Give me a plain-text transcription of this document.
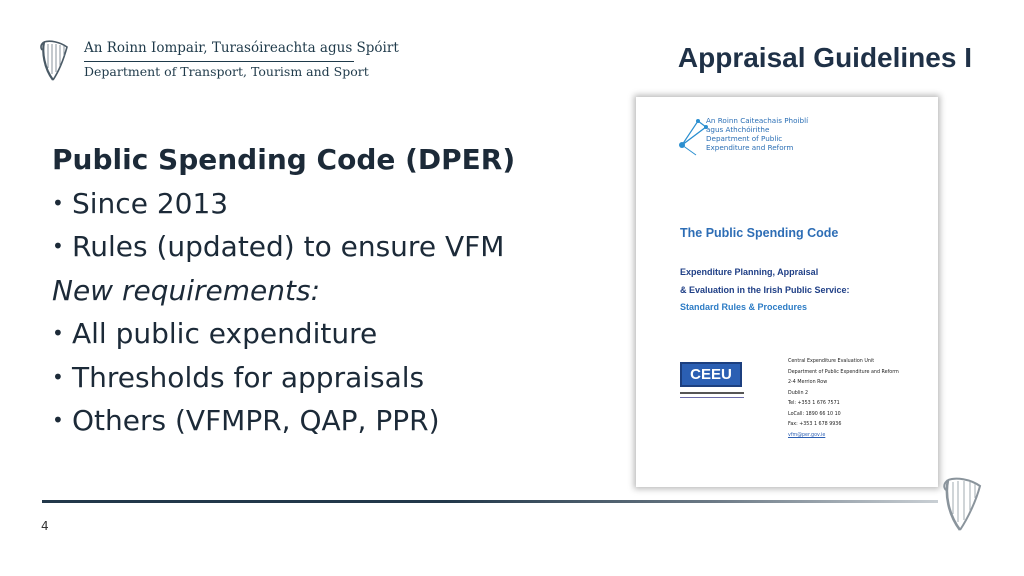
An Roinn Iompair, Turasóireachta agus Spóirt
Department of Transport, Tourism and Sport	Appraisal Guidelines I
Public Spending Code (DPER)
• Since 2013
• Rules (updated) to ensure VFM
New requirements:
• All public expenditure
• Thresholds for appraisals
• Others (VFMPR, QAP, PPR)
An Roinn Caiteachais Phoiblí
agus Athchóirithe
Department of Public
Expenditure and Reform
The Public Spending Code
Expenditure Planning, Appraisal
& Evaluation in the Irish Public Service:
Standard Rules & Procedures
CEEU
Central Expenditure Evaluation Unit
Department of Public Expenditure and Reform
2-4 Merrion Row
Dublin 2
Tel: +353 1 676 7571
LoCall: 1890 66 10 10
Fax: +353 1 678 9936
vfm@per.gov.ie
4
